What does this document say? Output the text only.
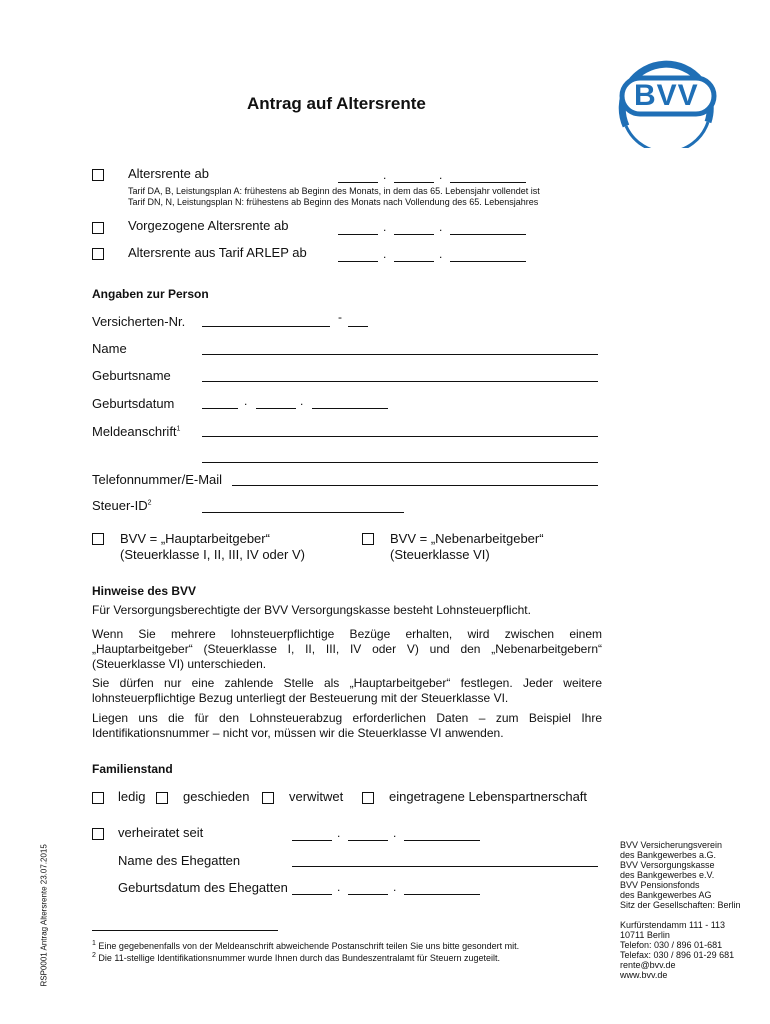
BVV
Antrag auf Altersrente
Altersrente ab	.	.
Tarif DA, B, Leistungsplan A: frühestens ab Beginn des Monats, in dem das 65. Lebensjahr vollendet ist
Tarif DN, N, Leistungsplan N: frühestens ab Beginn des Monats nach Vollendung des 65. Lebensjahres
Vorgezogene Altersrente ab	.	.
Altersrente aus Tarif ARLEP ab	.	.
Angaben zur Person
Versicherten-Nr.	-
Name
Geburtsname
Geburtsdatum	.	.
Meldeanschrift$^1$
Telefonnummer/E-Mail
Steuer-$ID^2$
BVV = „Hauptarbeitgeber“
(Steuerklasse I, II, III, IV oder V)
BVV = „Nebenarbeitgeber“
(Steuerklasse VI)
Hinweise des BVV
Für Versorgungsberechtigte der BVV Versorgungskasse besteht Lohnsteuerpflicht.
Wenn Sie mehrere lohnsteuerpflichtige Bezüge erhalten, wird zwischen einem „Hauptarbeitgeber“ (Steuerklasse I, II, III, IV oder V) und den „Nebenarbeitgebern“ (Steuerklasse VI) unterschieden.
Sie dürfen nur eine zahlende Stelle als „Hauptarbeitgeber“ festlegen. Jeder weitere lohnsteuerpflichtige Bezug unterliegt der Besteuerung mit der Steuerklasse VI.
Liegen uns die für den Lohnsteuerabzug erforderlichen Daten – zum Beispiel Ihre Identifikationsnummer – nicht vor, müssen wir die Steuerklasse VI anwenden.
Familienstand
ledig	geschieden	verwitwet	eingetragene Lebenspartnerschaft
verheiratet seit	.	.
Name des Ehegatten
Geburtsdatum des Ehegatten	.	.
BVV Versicherungsverein
des Bankgewerbes a.G.
BVV Versorgungskasse
des Bankgewerbes e.V.
BVV Pensionsfonds
des Bankgewerbes AG
Sitz der Gesellschaften: Berlin
Kurfürstendamm 111 - 113
10711 Berlin
Telefon: 030 / 896 01-681
Telefax: 030 / 896 01-29 681
rente@bvv.de
www.bvv.de
$^1$ Eine gegebenenfalls von der Meldeanschrift abweichende Postanschrift teilen Sie uns bitte gesondert mit.
$^2$ Die 11-stellige Identifikationsnummer wurde Ihnen durch das Bundeszentralamt für Steuern zugeteilt.
RSP0001 Antrag Altersrente 23.07.2015
